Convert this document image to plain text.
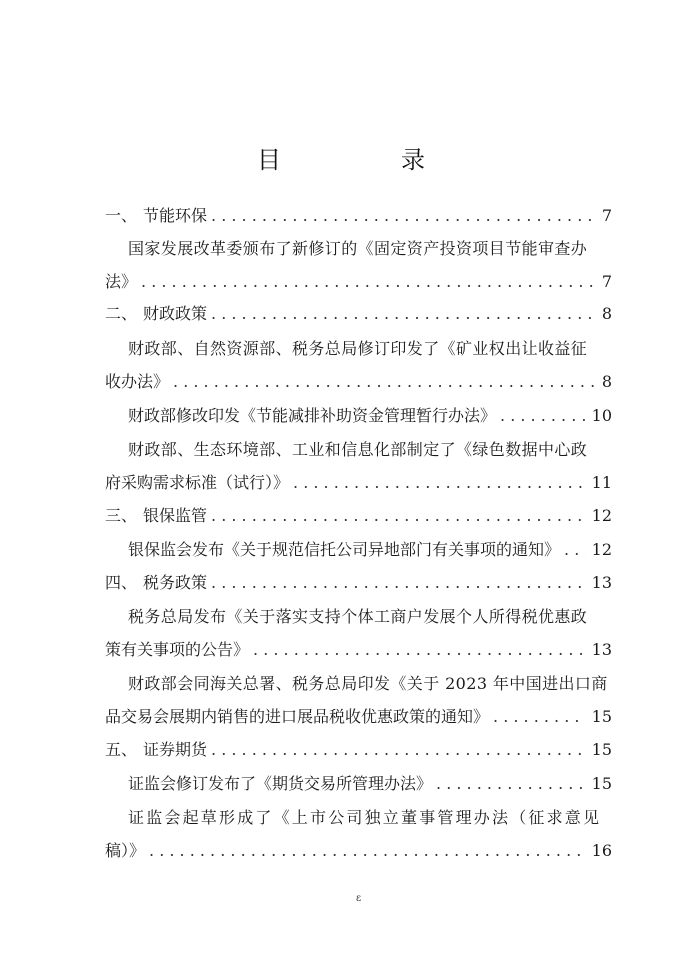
目　录
一、 节能环保 . . .	7
国家发展改革委颁布了新修订的《固定资产投资项目节能审查办
法》 . . .	7
二、 财政政策 . . .	8
财政部、自然资源部、税务总局修订印发了《矿业权出让收益征
收办法》 . . .	8
财政部修改印发《节能减排补助资金管理暂行办法》 . . .	10
财政部、生态环境部、工业和信息化部制定了《绿色数据中心政
府采购需求标准（试行）》 . . .	11
三、 银保监管 . . .	12
银保监会发布《关于规范信托公司异地部门有关事项的通知》 . . . 12
四、 税务政策 . . .	13
税务总局发布《关于落实支持个体工商户发展个人所得税优惠政
策有关事项的公告》 . . .	13
财政部会同海关总署、税务总局印发《关于 2023 年中国进出口商
品交易会展期内销售的进口展品税收优惠政策的通知》 . . .	15
五、 证券期货 . . .	15
证监会修订发布了《期货交易所管理办法》 . . .	15
证监会起草形成了《上市公司独立董事管理办法（征求意见
稿）》 . . .	16
ɛ
